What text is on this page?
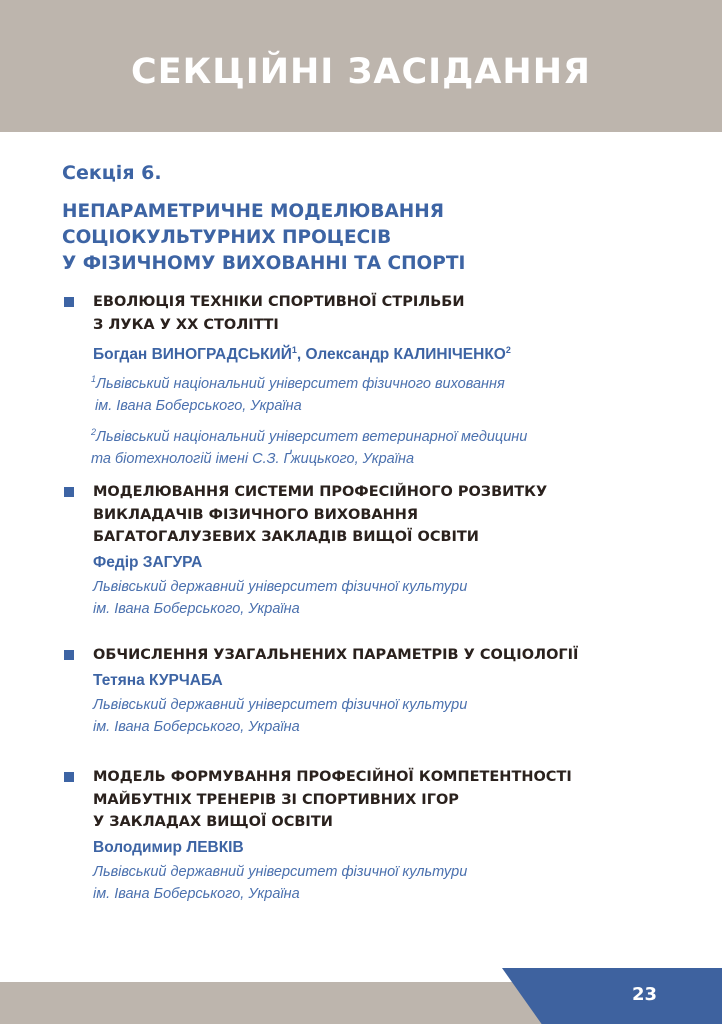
СЕКЦІЙНІ ЗАСІДАННЯ
Секція 6.
НЕПАРАМЕТРИЧНЕ МОДЕЛЮВАННЯ
СОЦІОКУЛЬТУРНИХ ПРОЦЕСІВ
У ФІЗИЧНОМУ ВИХОВАННІ ТА СПОРТІ
ЕВОЛЮЦІЯ ТЕХНІКИ СПОРТИВНОЇ СТРІЛЬБИ
З ЛУКА У ХХ СТОЛІТТІ
Богдан ВИНОГРАДСЬКИЙ$^1$, Олександр КАЛИНІЧЕНКО$^2$
$^1$Львівський національний університет фізичного виховання
ім. Івана Боберського, Україна
$^2$Львівський національний університет ветеринарної медицини
та біотехнологій імені С.З. Ґжицького, Україна
МОДЕЛЮВАННЯ СИСТЕМИ ПРОФЕСІЙНОГО РОЗВИТКУ
ВИКЛАДАЧІВ ФІЗИЧНОГО ВИХОВАННЯ
БАГАТОГАЛУЗЕВИХ ЗАКЛАДІВ ВИЩОЇ ОСВІТИ
Федір ЗАГУРА
Львівський державний університет фізичної культури
ім. Івана Боберського, Україна
ОБЧИСЛЕННЯ УЗАГАЛЬНЕНИХ ПАРАМЕТРІВ У СОЦІОЛОГІЇ
Тетяна КУРЧАБА
Львівський державний університет фізичної культури
ім. Івана Боберського, Україна
МОДЕЛЬ ФОРМУВАННЯ ПРОФЕСІЙНОЇ КОМПЕТЕНТНОСТІ
МАЙБУТНІХ ТРЕНЕРІВ ЗІ СПОРТИВНИХ ІГОР
У ЗАКЛАДАХ ВИЩОЇ ОСВІТИ
Володимир ЛЕВКІВ
Львівський державний університет фізичної культури
ім. Івана Боберського, Україна
23
